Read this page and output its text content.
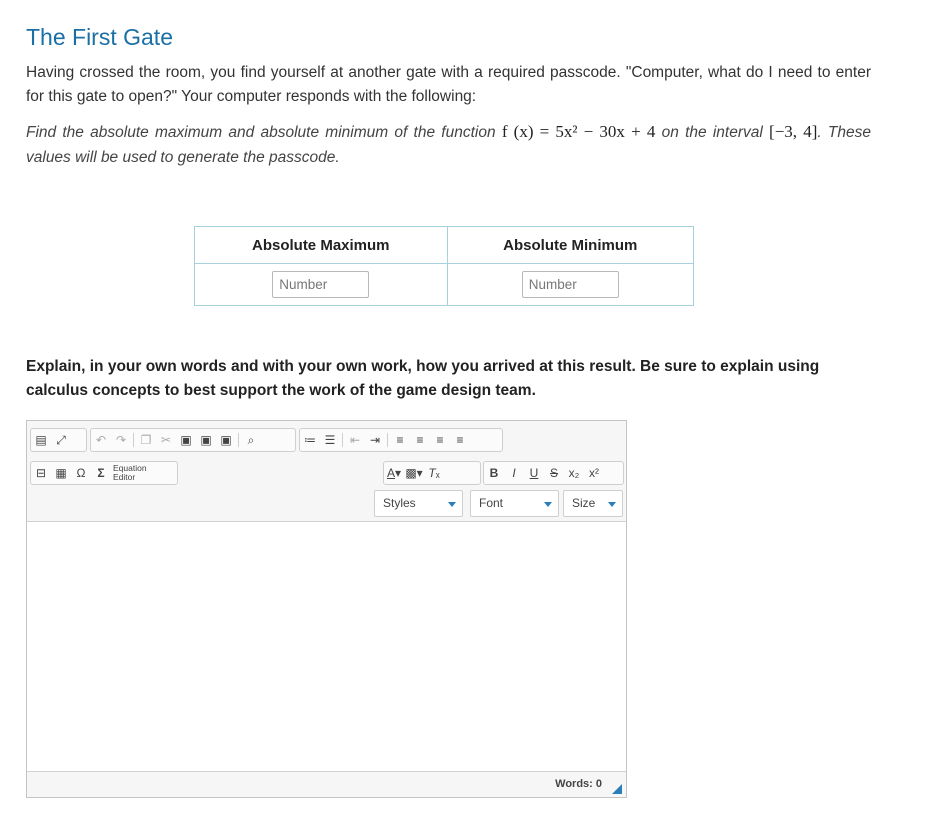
The First Gate
Having crossed the room, you find yourself at another gate with a required passcode. "Computer, what do I need to enter for this gate to open?" Your computer responds with the following:
Find the absolute maximum and absolute minimum of the function f (x) = 5x² − 30x + 4 on the interval [−3, 4]. These values will be used to generate the passcode.
Absolute Maximum	Absolute Minimum
Number	Number
Explain, in your own words and with your own work, how you arrived at this result. Be sure to explain using calculus concepts to best support the work of the game design team.
▤ ⤢	↶ ↷	❐ ✂ ▣ ▣ ▣	⌕	≔ ☰	⇤ ⇥	≡	≡	≡	≡
⊟ ▦ Ω Σ Equation Editor	A▾ ▩▾ Tₓ	B	I	U S x₂ x²
Styles	Font	Size
Words: 0
